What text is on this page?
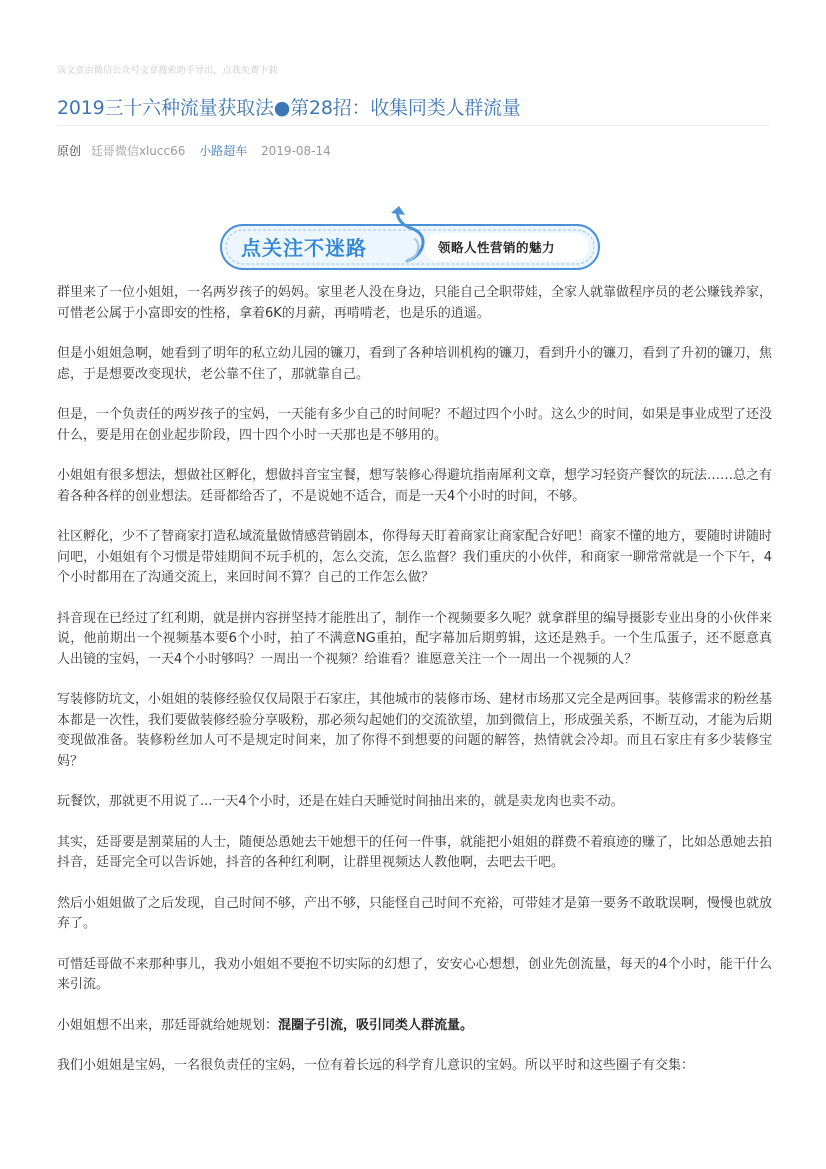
该文章由微信公众号文章搜索助手导出，点我免费下载
2019三十六种流量获取法●第28招：收集同类人群流量
原创 廷哥微信xlucc66 小路超车 2019-08-14
点关注不迷路	领略人性营销的魅力

群里来了一位小姐姐，一名两岁孩子的妈妈。家里老人没在身边，只能自己全职带娃，全家人就靠做程序员的老公赚钱养家，可惜老公属于小富即安的性格，拿着6K的月薪，再啃啃老，也是乐的逍遥。

但是小姐姐急啊，她看到了明年的私立幼儿园的镰刀，看到了各种培训机构的镰刀，看到升小的镰刀，看到了升初的镰刀，焦虑，于是想要改变现状，老公靠不住了，那就靠自己。

但是，一个负责任的两岁孩子的宝妈，一天能有多少自己的时间呢？不超过四个小时。这么少的时间，如果是事业成型了还没什么，要是用在创业起步阶段，四十四个小时一天那也是不够用的。

小姐姐有很多想法，想做社区孵化，想做抖音宝宝餐，想写装修心得避坑指南犀利文章，想学习轻资产餐饮的玩法……总之有着各种各样的创业想法。廷哥都给否了，不是说她不适合，而是一天4个小时的时间，不够。

社区孵化，少不了替商家打造私域流量做情感营销剧本，你得每天盯着商家让商家配合好吧！商家不懂的地方，要随时讲随时问吧，小姐姐有个习惯是带娃期间不玩手机的，怎么交流，怎么监督？我们重庆的小伙伴，和商家一聊常常就是一个下午，4个小时都用在了沟通交流上，来回时间不算？自己的工作怎么做？

抖音现在已经过了红利期，就是拼内容拼坚持才能胜出了，制作一个视频要多久呢？就拿群里的编导摄影专业出身的小伙伴来说，他前期出一个视频基本要6个小时，拍了不满意NG重拍，配字幕加后期剪辑，这还是熟手。一个生瓜蛋子，还不愿意真人出镜的宝妈，一天4个小时够吗？一周出一个视频？给谁看？谁愿意关注一个一周出一个视频的人？

写装修防坑文，小姐姐的装修经验仅仅局限于石家庄，其他城市的装修市场、建材市场那又完全是两回事。装修需求的粉丝基本都是一次性，我们要做装修经验分享吸粉，那必须勾起她们的交流欲望，加到微信上，形成强关系，不断互动，才能为后期变现做准备。装修粉丝加人可不是规定时间来，加了你得不到想要的问题的解答，热情就会冷却。而且石家庄有多少装修宝妈？

玩餐饮，那就更不用说了...一天4个小时，还是在娃白天睡觉时间抽出来的，就是卖龙肉也卖不动。

其实，廷哥要是割菜届的人士，随便怂恿她去干她想干的任何一件事，就能把小姐姐的群费不着痕迹的赚了，比如怂恿她去拍抖音，廷哥完全可以告诉她，抖音的各种红利啊，让群里视频达人教他啊，去吧去干吧。

然后小姐姐做了之后发现，自己时间不够，产出不够，只能怪自己时间不充裕，可带娃才是第一要务不敢耽误啊，慢慢也就放弃了。

可惜廷哥做不来那种事儿，我劝小姐姐不要抱不切实际的幻想了，安安心心想想，创业先创流量，每天的4个小时，能干什么来引流。

小姐姐想不出来，那廷哥就给她规划：混圈子引流，吸引同类人群流量。

我们小姐姐是宝妈，一名很负责任的宝妈，一位有着长远的科学育儿意识的宝妈。所以平时和这些圈子有交集：
